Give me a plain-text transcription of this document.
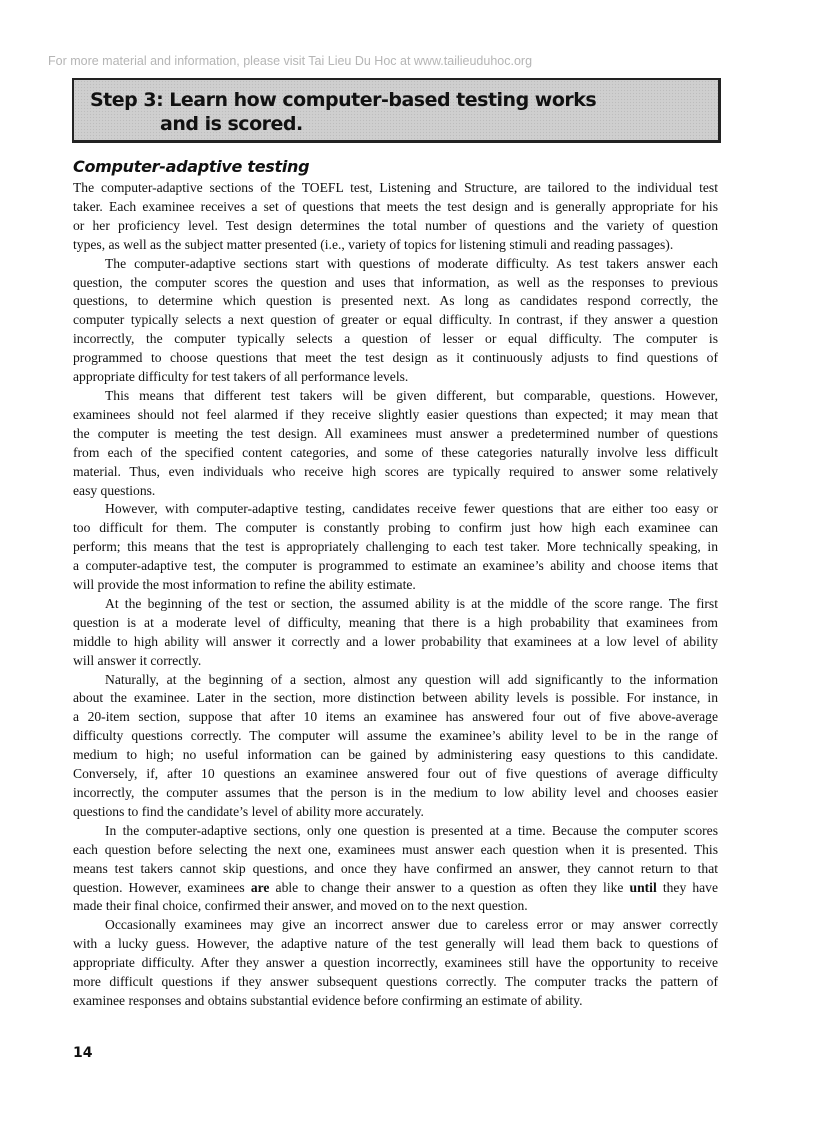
For more material and information, please visit Tai Lieu Du Hoc at www.tailieuduhoc.org
Step 3: Learn how computer-based testing works
and is scored.
Computer-adaptive testing
The computer-adaptive sections of the TOEFL test, Listening and Structure, are tailored to the individual test
taker. Each examinee receives a set of questions that meets the test design and is generally appropriate for his
or her proficiency level. Test design determines the total number of questions and the variety of question
types, as well as the subject matter presented (i.e., variety of topics for listening stimuli and reading passages).
The computer-adaptive sections start with questions of moderate difficulty. As test takers answer each
question, the computer scores the question and uses that information, as well as the responses to previous
questions, to determine which question is presented next. As long as candidates respond correctly, the
computer typically selects a next question of greater or equal difficulty. In contrast, if they answer a question
incorrectly, the computer typically selects a question of lesser or equal difficulty. The computer is
programmed to choose questions that meet the test design as it continuously adjusts to find questions of
appropriate difficulty for test takers of all performance levels.
This means that different test takers will be given different, but comparable, questions. However,
examinees should not feel alarmed if they receive slightly easier questions than expected; it may mean that
the computer is meeting the test design. All examinees must answer a predetermined number of questions
from each of the specified content categories, and some of these categories naturally involve less difficult
material. Thus, even individuals who receive high scores are typically required to answer some relatively
easy questions.
However, with computer-adaptive testing, candidates receive fewer questions that are either too easy or
too difficult for them. The computer is constantly probing to confirm just how high each examinee can
perform; this means that the test is appropriately challenging to each test taker. More technically speaking, in
a computer-adaptive test, the computer is programmed to estimate an examinee’s ability and choose items that
will provide the most information to refine the ability estimate.
At the beginning of the test or section, the assumed ability is at the middle of the score range. The first
question is at a moderate level of difficulty, meaning that there is a high probability that examinees from
middle to high ability will answer it correctly and a lower probability that examinees at a low level of ability
will answer it correctly.
Naturally, at the beginning of a section, almost any question will add significantly to the information
about the examinee. Later in the section, more distinction between ability levels is possible. For instance, in
a 20-item section, suppose that after 10 items an examinee has answered four out of five above-average
difficulty questions correctly. The computer will assume the examinee’s ability level to be in the range of
medium to high; no useful information can be gained by administering easy questions to this candidate.
Conversely, if, after 10 questions an examinee answered four out of five questions of average difficulty
incorrectly, the computer assumes that the person is in the medium to low ability level and chooses easier
questions to find the candidate’s level of ability more accurately.
In the computer-adaptive sections, only one question is presented at a time. Because the computer scores
each question before selecting the next one, examinees must answer each question when it is presented. This
means test takers cannot skip questions, and once they have confirmed an answer, they cannot return to that
question. However, examinees are able to change their answer to a question as often they like until they have
made their final choice, confirmed their answer, and moved on to the next question.
Occasionally examinees may give an incorrect answer due to careless error or may answer correctly
with a lucky guess. However, the adaptive nature of the test generally will lead them back to questions of
appropriate difficulty. After they answer a question incorrectly, examinees still have the opportunity to receive
more difficult questions if they answer subsequent questions correctly. The computer tracks the pattern of
examinee responses and obtains substantial evidence before confirming an estimate of ability.
14
